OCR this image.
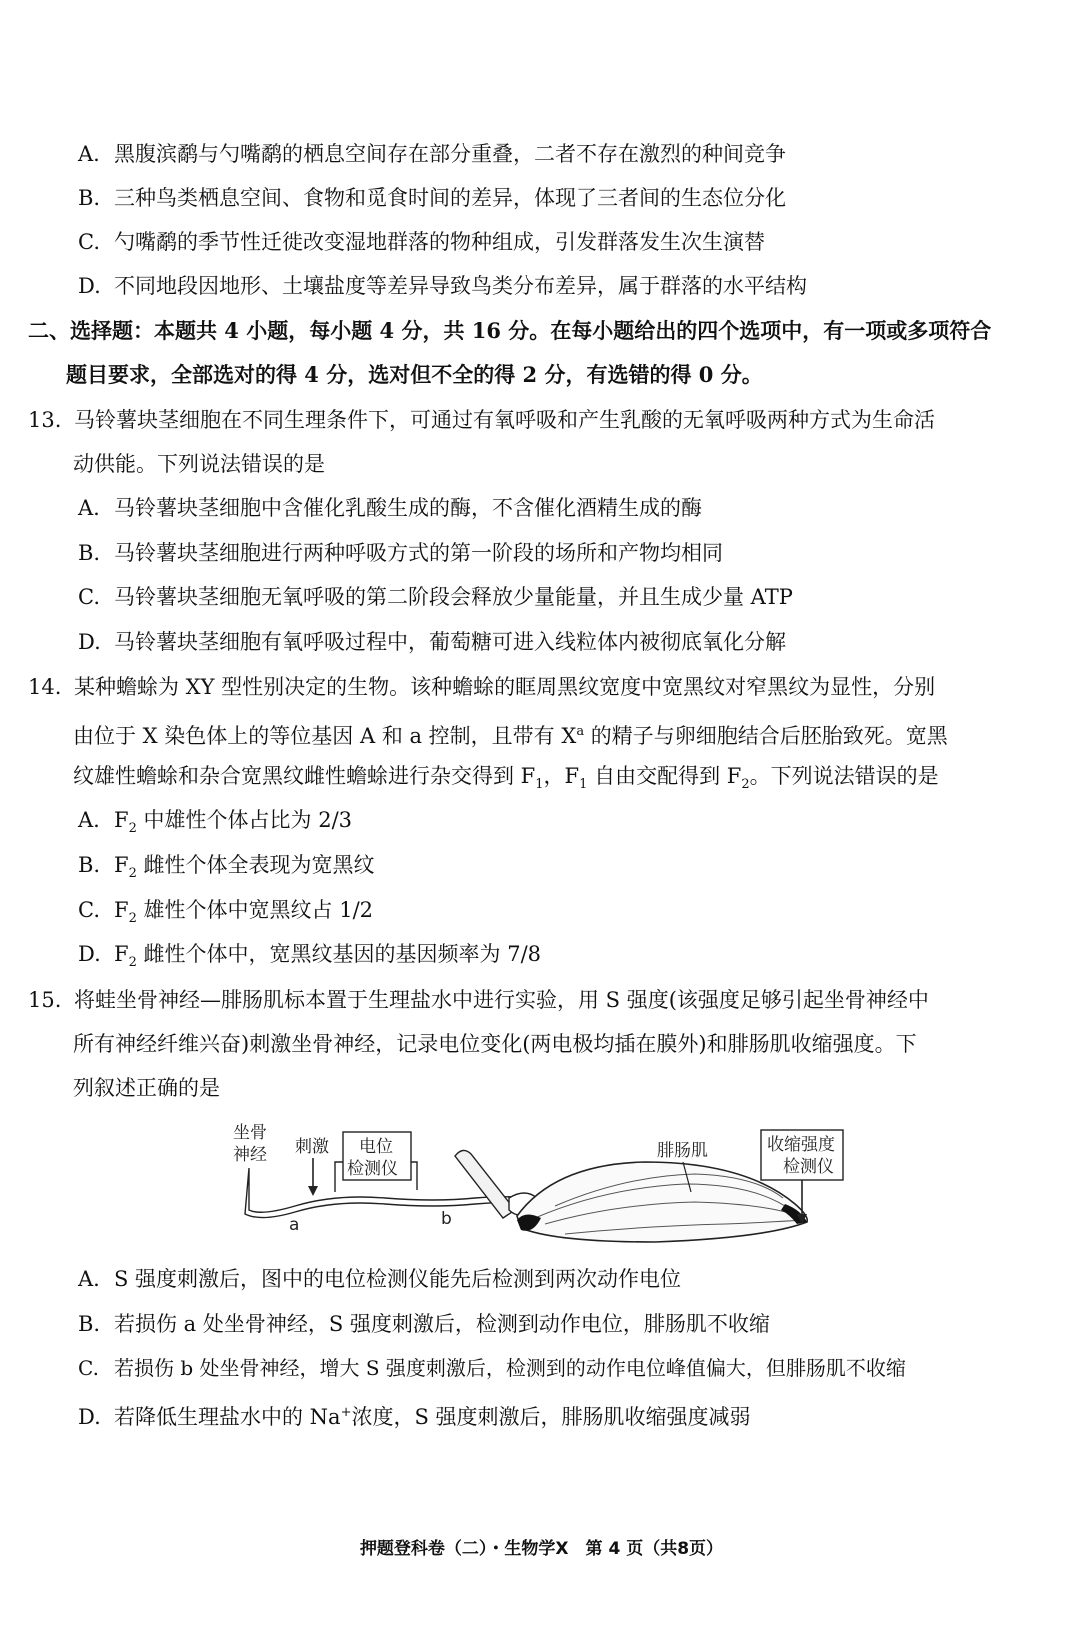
A. 黑腹滨鹬与勺嘴鹬的栖息空间存在部分重叠，二者不存在激烈的种间竞争
B. 三种鸟类栖息空间、食物和觅食时间的差异，体现了三者间的生态位分化
C. 勺嘴鹬的季节性迁徙改变湿地群落的物种组成，引发群落发生次生演替
D. 不同地段因地形、土壤盐度等差异导致鸟类分布差异，属于群落的水平结构
二、选择题：本题共 4 小题，每小题 4 分，共 16 分。在每小题给出的四个选项中，有一项或多项符合
题目要求，全部选对的得 4 分，选对但不全的得 2 分，有选错的得 0 分。
13. 马铃薯块茎细胞在不同生理条件下，可通过有氧呼吸和产生乳酸的无氧呼吸两种方式为生命活
动供能。下列说法错误的是
A. 马铃薯块茎细胞中含催化乳酸生成的酶，不含催化酒精生成的酶
B. 马铃薯块茎细胞进行两种呼吸方式的第一阶段的场所和产物均相同
C. 马铃薯块茎细胞无氧呼吸的第二阶段会释放少量能量，并且生成少量 ATP
D. 马铃薯块茎细胞有氧呼吸过程中，葡萄糖可进入线粒体内被彻底氧化分解
14. 某种蟾蜍为 XY 型性别决定的生物。该种蟾蜍的眶周黑纹宽度中宽黑纹对窄黑纹为显性，分别
由位于 X 染色体上的等位基因 A 和 a 控制，且带有 $X^a$ 的精子与卵细胞结合后胚胎致死。宽黑
纹雄性蟾蜍和杂合宽黑纹雌性蟾蜍进行杂交得到 $F_1$，$F_1$ 自由交配得到 $F_2$。下列说法错误的是
A. $F_2$ 中雄性个体占比为 2/3
B. $F_2$ 雌性个体全表现为宽黑纹
C. $F_2$ 雄性个体中宽黑纹占 1/2
D. $F_2$ 雌性个体中，宽黑纹基因的基因频率为 7/8
15. 将蛙坐骨神经—腓肠肌标本置于生理盐水中进行实验，用 S 强度(该强度足够引起坐骨神经中
所有神经纤维兴奋)刺激坐骨神经，记录电位变化(两电极均插在膜外)和腓肠肌收缩强度。下
列叙述正确的是
坐骨
神经 刺激 电位
检测仪
a	b
腓肠肌	收缩强度
检测仪
A. S 强度刺激后，图中的电位检测仪能先后检测到两次动作电位
B. 若损伤 a 处坐骨神经，S 强度刺激后，检测到动作电位，腓肠肌不收缩
C. 若损伤 b 处坐骨神经，增大 S 强度刺激后，检测到的动作电位峰值偏大，但腓肠肌不收缩
D. 若降低生理盐水中的 Na+浓度，S 强度刺激后，腓肠肌收缩强度减弱
押题登科卷（二）・生物学X　第 4 页（共8页）
